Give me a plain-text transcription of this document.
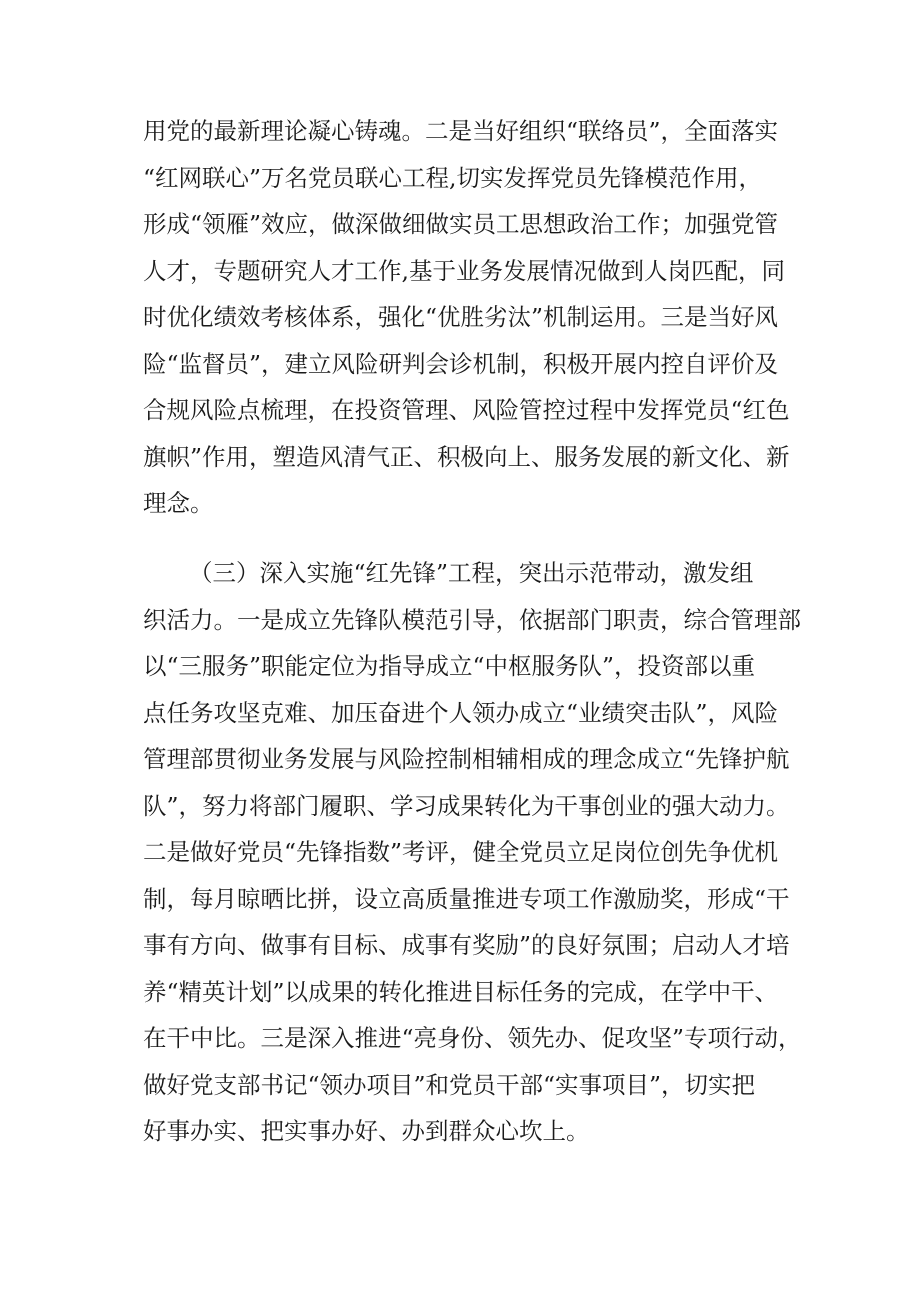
用党的最新理论凝心铸魂。二是当好组织“联络员”，全面落实
“红网联心”万名党员联心工程,切实发挥党员先锋模范作用，
形成“领雁”效应，做深做细做实员工思想政治工作；加强党管
人才，专题研究人才工作,基于业务发展情况做到人岗匹配，同
时优化绩效考核体系，强化“优胜劣汰”机制运用。三是当好风
险“监督员”，建立风险研判会诊机制，积极开展内控自评价及
合规风险点梳理，在投资管理、风险管控过程中发挥党员“红色
旗帜”作用，塑造风清气正、积极向上、服务发展的新文化、新
理念。
（三）深入实施“红先锋”工程，突出示范带动，激发组
织活力。一是成立先锋队模范引导，依据部门职责，综合管理部
以“三服务”职能定位为指导成立“中枢服务队”，投资部以重
点任务攻坚克难、加压奋进个人领办成立“业绩突击队”，风险
管理部贯彻业务发展与风险控制相辅相成的理念成立“先锋护航
队”，努力将部门履职、学习成果转化为干事创业的强大动力。
二是做好党员“先锋指数”考评，健全党员立足岗位创先争优机
制，每月晾晒比拼，设立高质量推进专项工作激励奖，形成“干
事有方向、做事有目标、成事有奖励”的良好氛围；启动人才培
养“精英计划”以成果的转化推进目标任务的完成，在学中干、
在干中比。三是深入推进“亮身份、领先办、促攻坚”专项行动，
做好党支部书记“领办项目”和党员干部“实事项目”，切实把
好事办实、把实事办好、办到群众心坎上。
